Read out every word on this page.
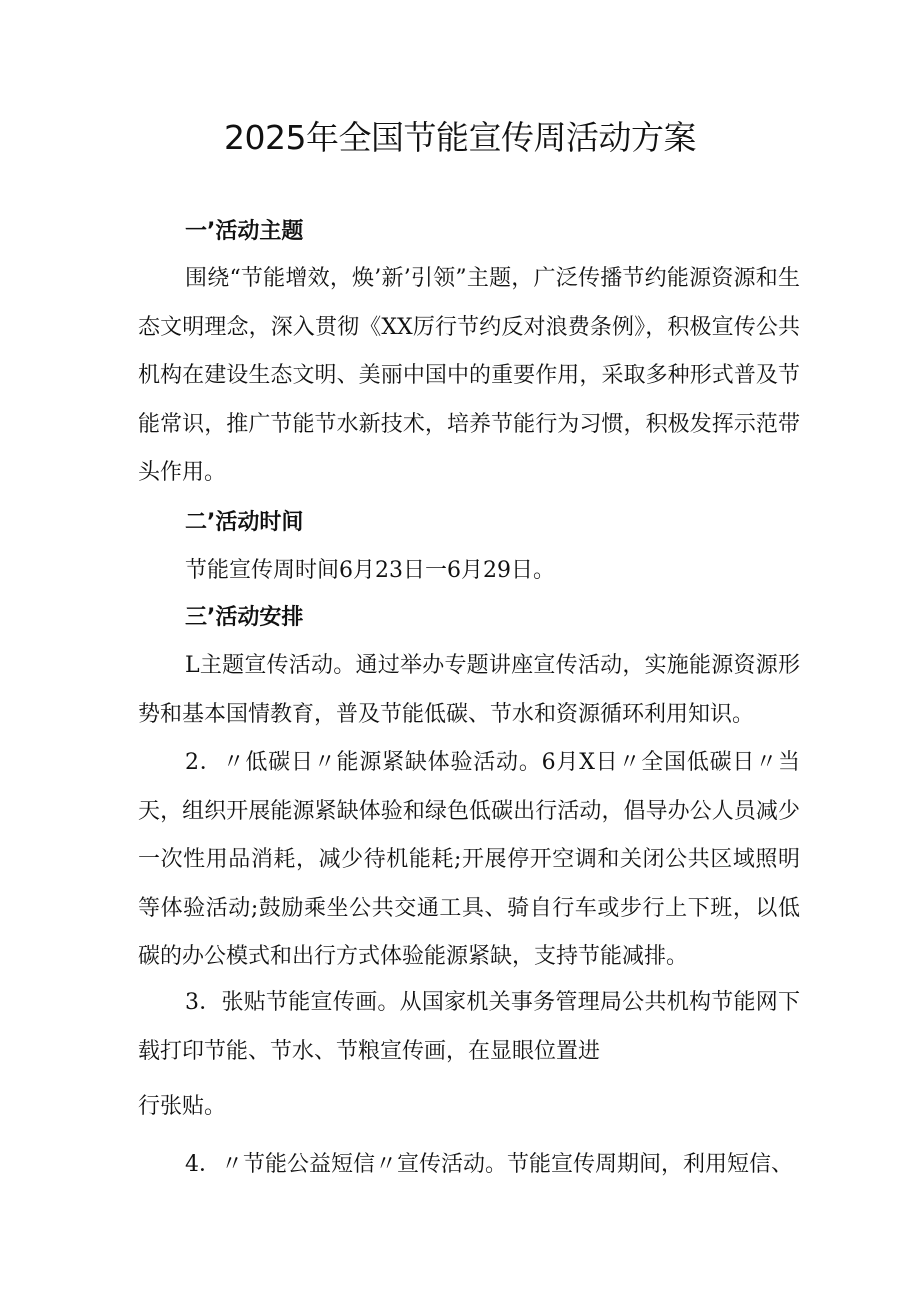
2025年全国节能宣传周活动方案
一’活动主题

围绕“节能增效，焕’新’引领”主题，广泛传播节约能源资源和生态文明理念，深入贯彻《XX厉行节约反对浪费条例》，积极宣传公共机构在建设生态文明、美丽中国中的重要作用，采取多种形式普及节能常识，推广节能节水新技术，培养节能行为习惯，积极发挥示范带头作用。

二’活动时间

节能宣传周时间6月23日一6月29日。

三’活动安排

L主题宣传活动。通过举办专题讲座宣传活动，实施能源资源形势和基本国情教育，普及节能低碳、节水和资源循环利用知识。

2．〃低碳日〃能源紧缺体验活动。6月X日〃全国低碳日〃当天，组织开展能源紧缺体验和绿色低碳出行活动，倡导办公人员减少一次性用品消耗，减少待机能耗;开展停开空调和关闭公共区域照明等体验活动;鼓励乘坐公共交通工具、骑自行车或步行上下班，以低碳的办公模式和出行方式体验能源紧缺，支持节能减排。

3．张贴节能宣传画。从国家机关事务管理局公共机构节能网下载打印节能、节水、节粮宣传画，在显眼位置进

行张贴。

4．〃节能公益短信〃宣传活动。节能宣传周期间，利用短信、
